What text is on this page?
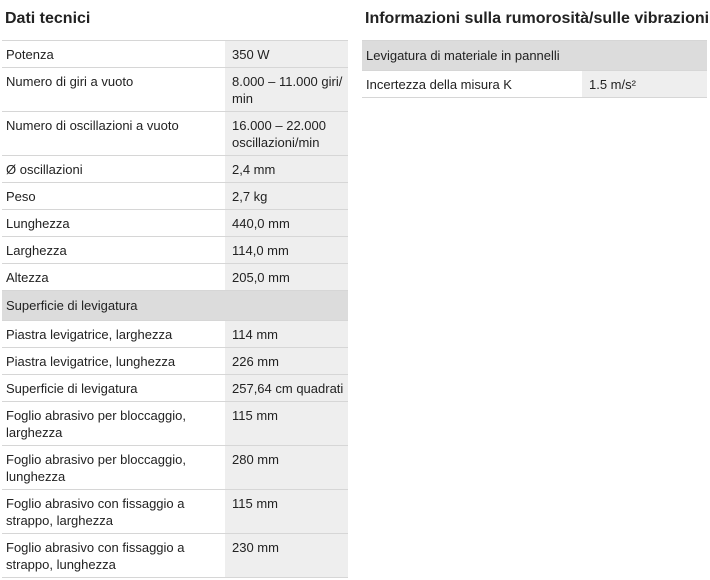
Dati tecnici
Potenza	350 W
Numero di giri a vuoto	8.000 – 11.000 giri/ min
Numero di oscillazioni a vuoto	16.000 – 22.000 oscillazioni/min
Ø oscillazioni	2,4 mm
Peso	2,7 kg
Lunghezza	440,0 mm
Larghezza	114,0 mm
Altezza	205,0 mm
Superficie di levigatura	
Piastra levigatrice, larghezza	114 mm
Piastra levigatrice, lunghezza	226 mm
Superficie di levigatura	257,64 cm quadrati
Foglio abrasivo per bloccaggio, larghezza	115 mm
Foglio abrasivo per bloccaggio, lunghezza	280 mm
Foglio abrasivo con fissaggio a strappo, larghezza	115 mm
Foglio abrasivo con fissaggio a strappo, lunghezza	230 mm
Informazioni sulla rumorosità/sulle vibrazioni
Levigatura di materiale in pannelli
Incertezza della misura K	1.5 m/s²
